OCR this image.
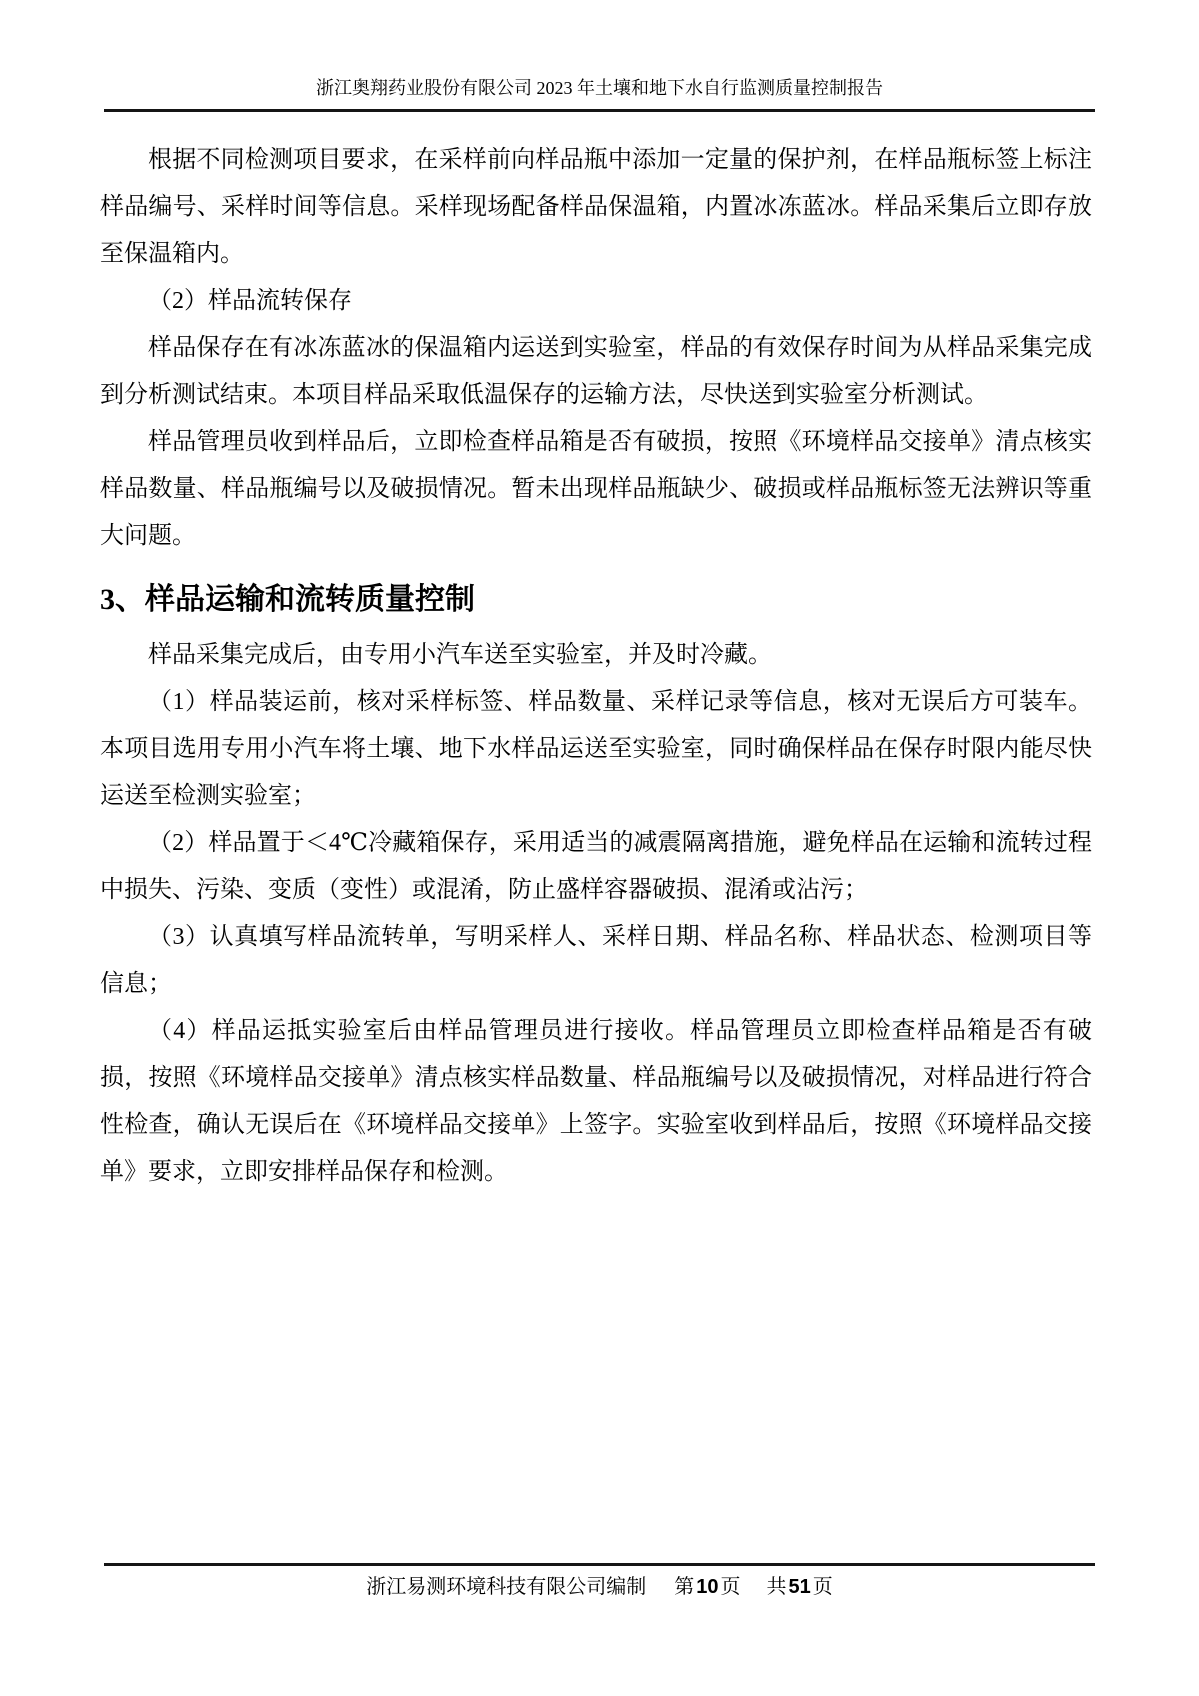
浙江奥翔药业股份有限公司 2023 年土壤和地下水自行监测质量控制报告

根据不同检测项目要求，在采样前向样品瓶中添加一定量的保护剂，在样品瓶标签上标注样品编号、采样时间等信息。采样现场配备样品保温箱，内置冰冻蓝冰。样品采集后立即存放至保温箱内。

（2）样品流转保存

样品保存在有冰冻蓝冰的保温箱内运送到实验室，样品的有效保存时间为从样品采集完成到分析测试结束。本项目样品采取低温保存的运输方法，尽快送到实验室分析测试。

样品管理员收到样品后，立即检查样品箱是否有破损，按照《环境样品交接单》清点核实样品数量、样品瓶编号以及破损情况。暂未出现样品瓶缺少、破损或样品瓶标签无法辨识等重大问题。

3、样品运输和流转质量控制

样品采集完成后，由专用小汽车送至实验室，并及时冷藏。

（1）样品装运前，核对采样标签、样品数量、采样记录等信息，核对无误后方可装车。本项目选用专用小汽车将土壤、地下水样品运送至实验室，同时确保样品在保存时限内能尽快运送至检测实验室；

（2）样品置于＜4℃冷藏箱保存，采用适当的减震隔离措施，避免样品在运输和流转过程中损失、污染、变质（变性）或混淆，防止盛样容器破损、混淆或沾污；

（3）认真填写样品流转单，写明采样人、采样日期、样品名称、样品状态、检测项目等信息；

（4）样品运抵实验室后由样品管理员进行接收。样品管理员立即检查样品箱是否有破损，按照《环境样品交接单》清点核实样品数量、样品瓶编号以及破损情况，对样品进行符合性检查，确认无误后在《环境样品交接单》上签字。实验室收到样品后，按照《环境样品交接单》要求，立即安排样品保存和检测。

浙江易测环境科技有限公司编制 第 10 页 共 51 页
